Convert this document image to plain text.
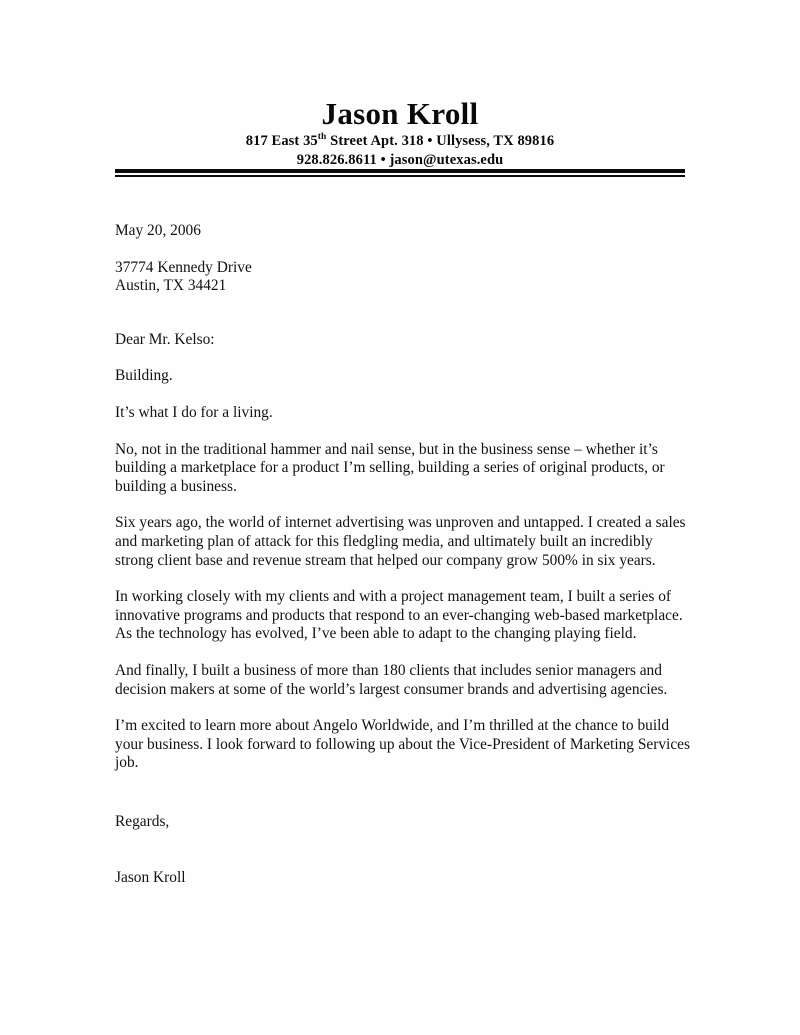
Jason Kroll
817 East 35th Street Apt. 318 • Ullysess, TX 89816
928.826.8611 • jason@utexas.edu

May 20, 2006

37774 Kennedy Drive

Austin, TX 34421

Dear Mr. Kelso:

Building.

It’s what I do for a living.

No, not in the traditional hammer and nail sense, but in the business sense – whether it’s building a marketplace for a product I’m selling, building a series of original products, or building a business.

Six years ago, the world of internet advertising was unproven and untapped. I created a sales and marketing plan of attack for this fledgling media, and ultimately built an incredibly strong client base and revenue stream that helped our company grow 500% in six years.

In working closely with my clients and with a project management team, I built a series of innovative programs and products that respond to an ever-changing web-based marketplace. As the technology has evolved, I’ve been able to adapt to the changing playing field.

And finally, I built a business of more than 180 clients that includes senior managers and decision makers at some of the world’s largest consumer brands and advertising agencies.

I’m excited to learn more about Angelo Worldwide, and I’m thrilled at the chance to build your business. I look forward to following up about the Vice-President of Marketing Services job.

Regards,

Jason Kroll
